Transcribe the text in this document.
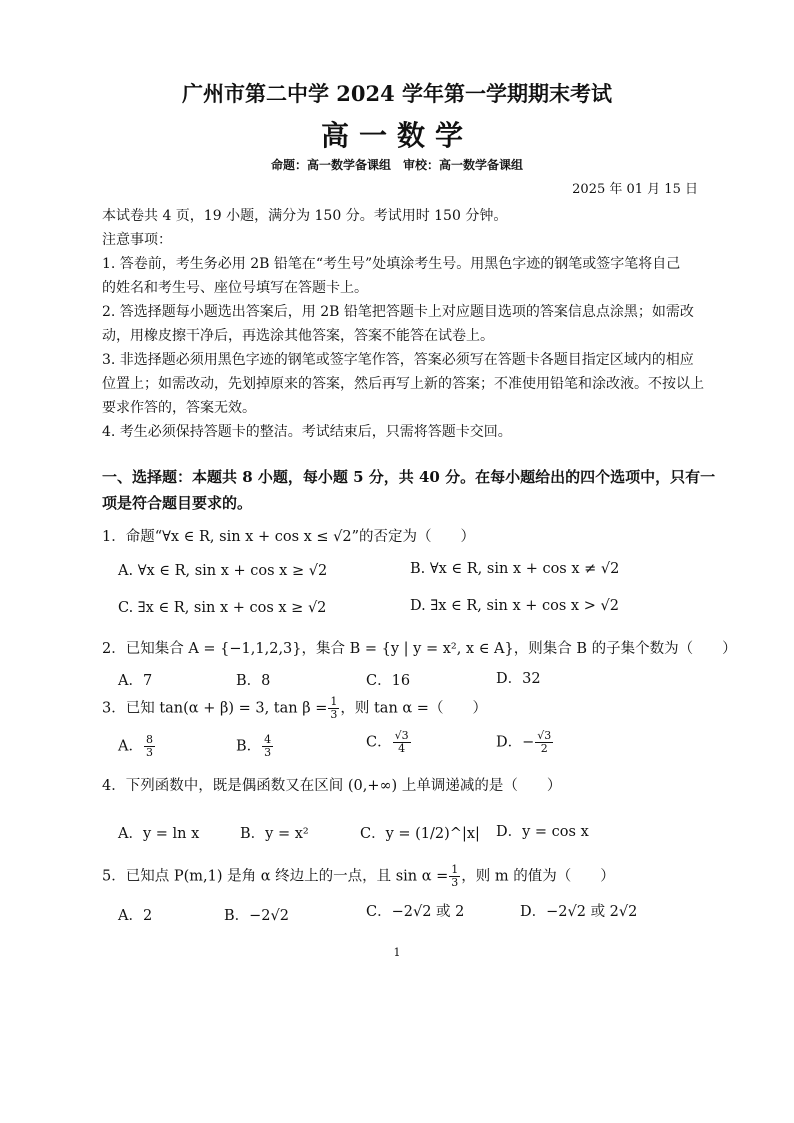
广州市第二中学 2024 学年第一学期期末考试
高一数学
命题：高一数学备课组　审校：高一数学备课组
2025 年 01 月 15 日
本试卷共 4 页，19 小题，满分为 150 分。考试用时 150 分钟。
注意事项：
1. 答卷前，考生务必用 2B 铅笔在“考生号”处填涂考生号。用黑色字迹的钢笔或签字笔将自己
的姓名和考生号、座位号填写在答题卡上。
2. 答选择题每小题选出答案后，用 2B 铅笔把答题卡上对应题目选项的答案信息点涂黑；如需改
动，用橡皮擦干净后，再选涂其他答案，答案不能答在试卷上。
3. 非选择题必须用黑色字迹的钢笔或签字笔作答，答案必须写在答题卡各题目指定区域内的相应
位置上；如需改动，先划掉原来的答案，然后再写上新的答案；不准使用铅笔和涂改液。不按以上
要求作答的，答案无效。
4. 考生必须保持答题卡的整洁。考试结束后，只需将答题卡交回。
一、选择题：本题共 8 小题，每小题 5 分，共 40 分。在每小题给出的四个选项中，只有一
项是符合题目要求的。
1．命题“∀x ∈ R, sin x + cos x ≤ √2”的否定为（　　）
A. ∀x ∈ R, sin x + cos x ≥ √2	B. ∀x ∈ R, sin x + cos x ≠ √2
C. ∃x ∈ R, sin x + cos x ≥ √2	D. ∃x ∈ R, sin x + cos x > √2
2．已知集合 A = {−1,1,2,3}，集合 B = {y | y = x², x ∈ A}，则集合 B 的子集个数为（　　）
A．7	B．8	C．16	D．32
3．已知 tan(α + β) = 3, $\tan \beta = \frac{1}{3}$ ，则 tan α =（　　）
A． $\frac{8}{3}$	B． $\frac{4}{3}$	C． $\frac{√3}{4}$	D．− $\frac{√3}{2}$
4．下列函数中，既是偶函数又在区间 (0,+∞) 上单调递减的是（　　）
A．y = ln x	B．y = x²	C．y = (1/2)^|x| D．y = cos x
5．已知点 P(m,1) 是角 α 终边上的一点，且 $\sin \alpha = \frac{1}{3}$ ，则 m 的值为（　　）
A．2	B．−2√2	C．−2√2 或 2	D．−2√2 或 2√2
1
